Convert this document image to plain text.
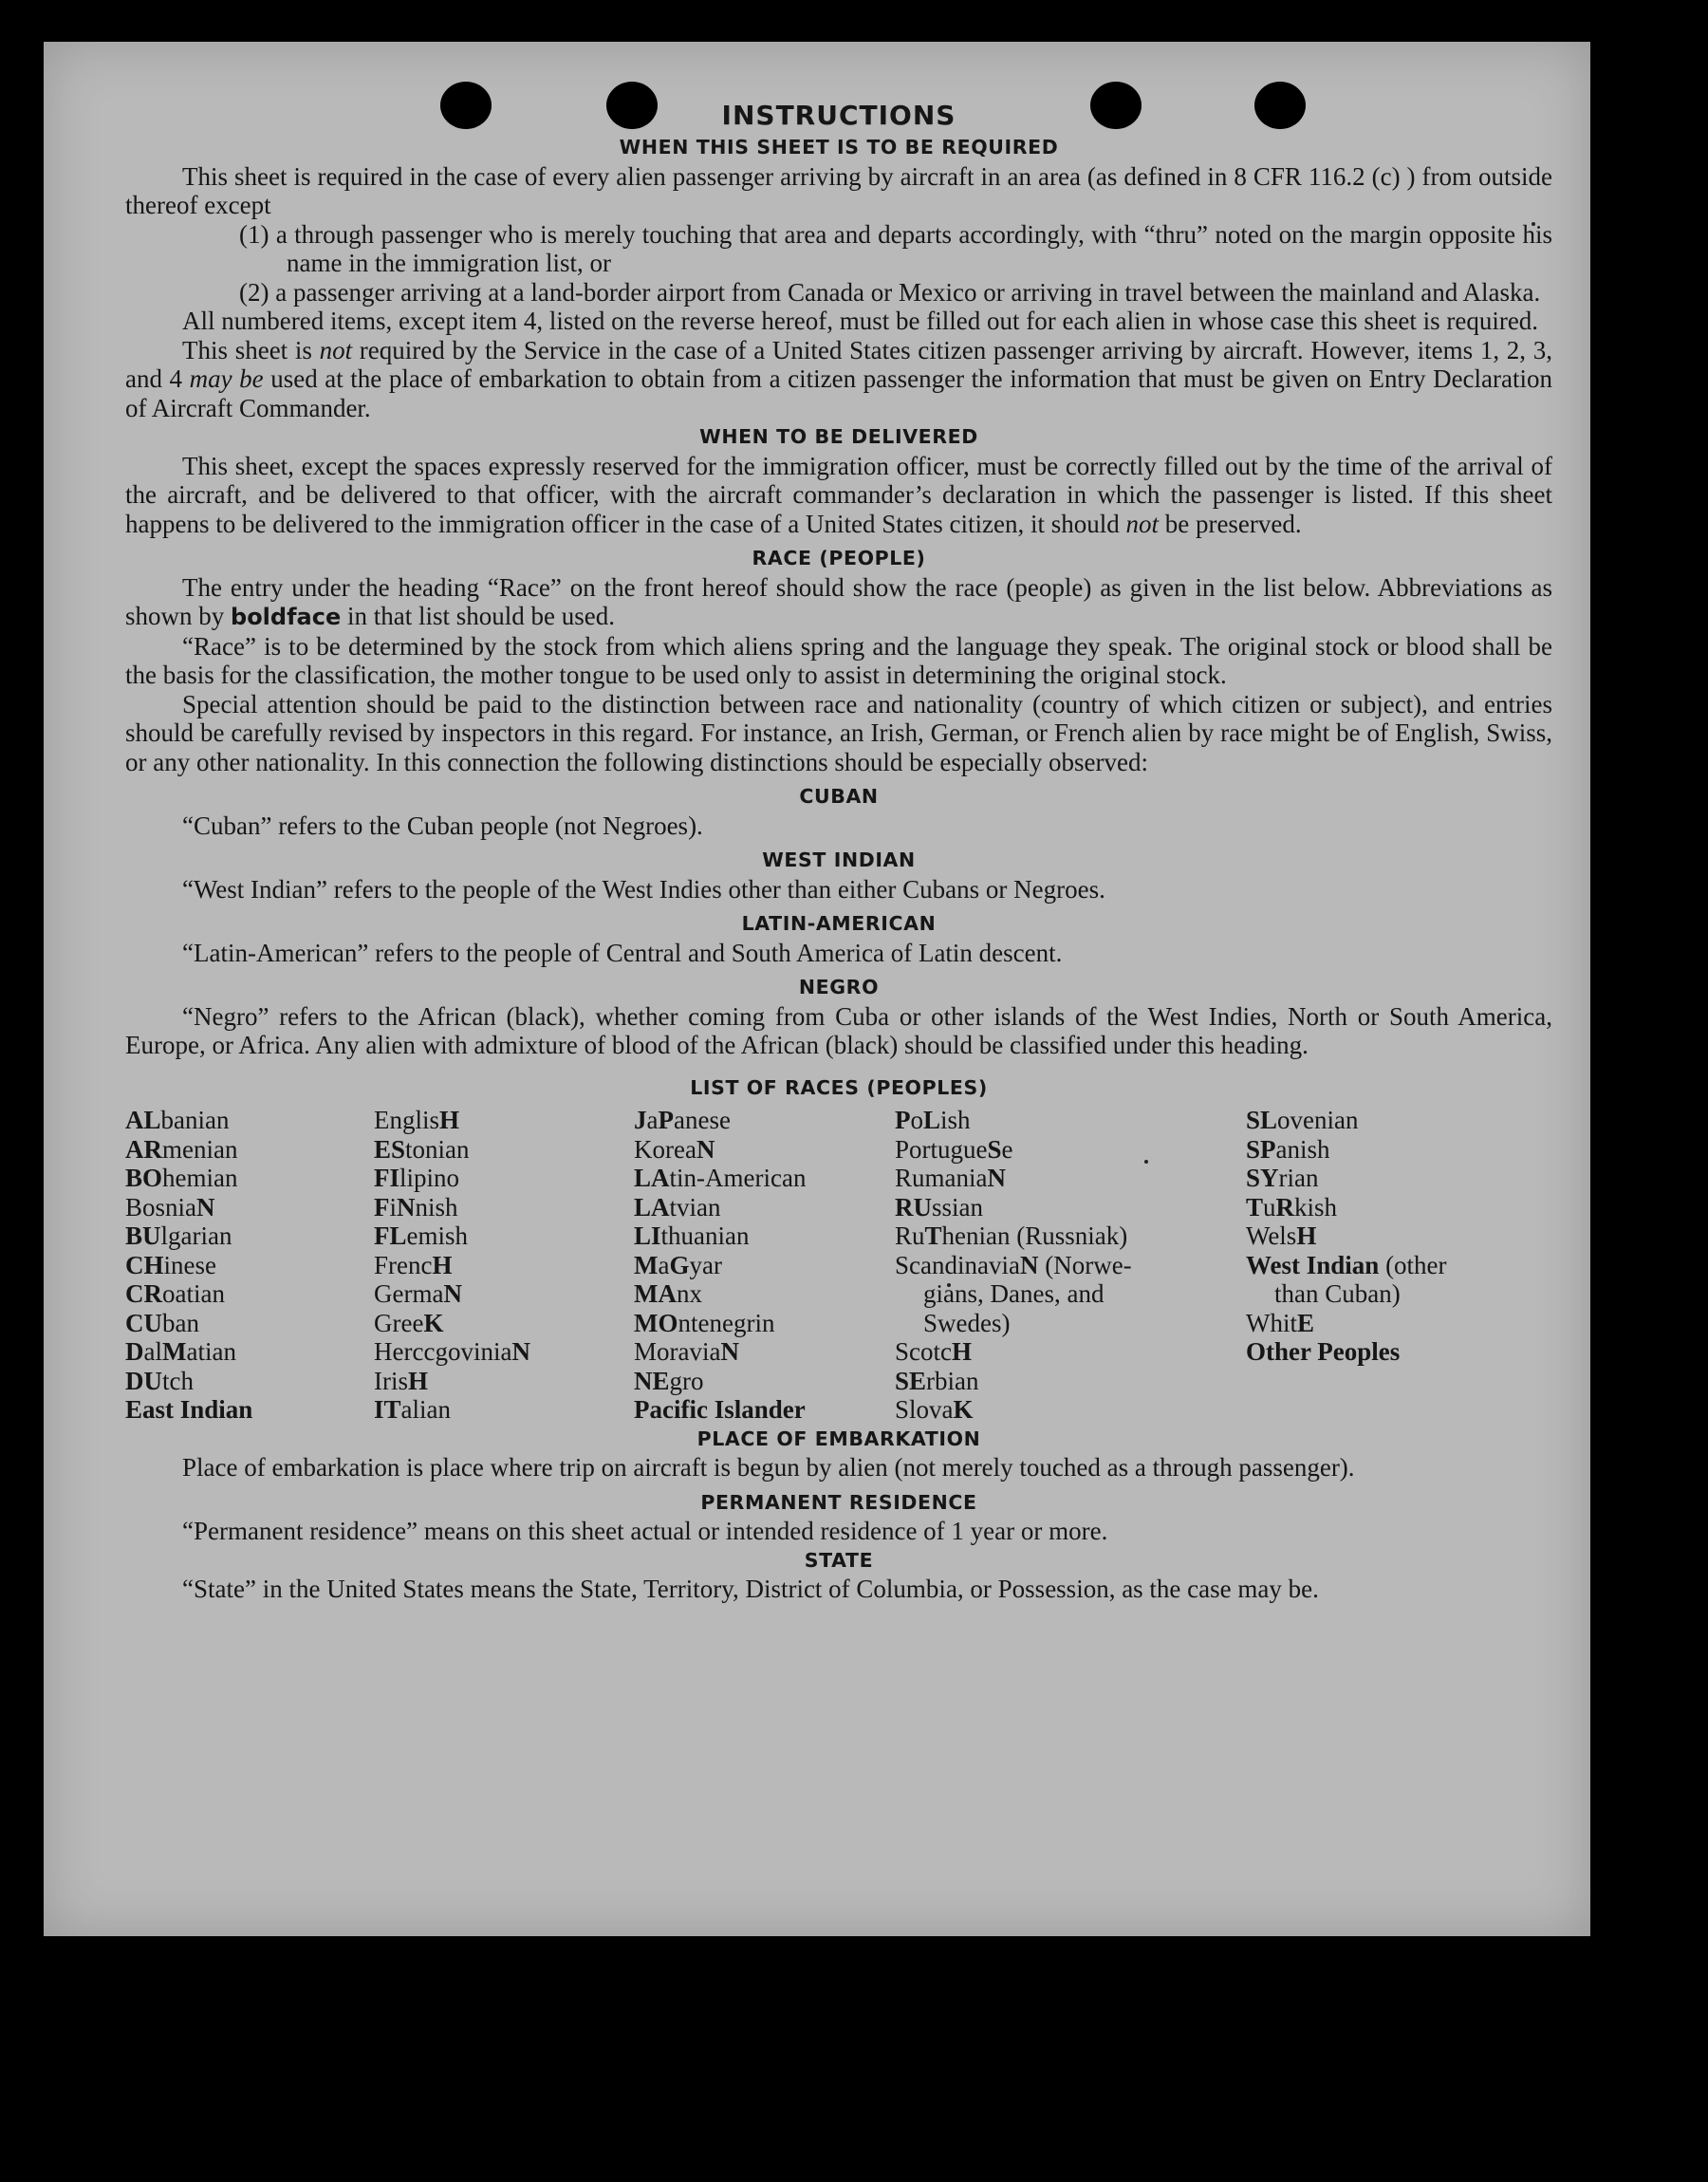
INSTRUCTIONS
WHEN THIS SHEET IS TO BE REQUIRED

This sheet is required in the case of every alien passenger arriving by aircraft in an area (as defined in 8 CFR 116.2 (c) ) from outside thereof except

(1) a through passenger who is merely touching that area and departs accordingly, with “thru” noted on the margin opposite his name in the immigration list, or

(2) a passenger arriving at a land-border airport from Canada or Mexico or arriving in travel between the mainland and Alaska.

All numbered items, except item 4, listed on the reverse hereof, must be filled out for each alien in whose case this sheet is required.

This sheet is not required by the Service in the case of a United States citizen passenger arriving by aircraft. However, items 1, 2, 3, and 4 may be used at the place of embarkation to obtain from a citizen passenger the information that must be given on Entry Declaration of Aircraft Commander.

WHEN TO BE DELIVERED

This sheet, except the spaces expressly reserved for the immigration officer, must be correctly filled out by the time of the arrival of the aircraft, and be delivered to that officer, with the aircraft commander’s declaration in which the passenger is listed. If this sheet happens to be delivered to the immigration officer in the case of a United States citizen, it should not be preserved.

RACE (PEOPLE)

The entry under the heading “Race” on the front hereof should show the race (people) as given in the list below. Abbreviations as shown by boldface in that list should be used.

“Race” is to be determined by the stock from which aliens spring and the language they speak. The original stock or blood shall be the basis for the classification, the mother tongue to be used only to assist in determining the original stock.

Special attention should be paid to the distinction between race and nationality (country of which citizen or subject), and entries should be carefully revised by inspectors in this regard. For instance, an Irish, German, or French alien by race might be of English, Swiss, or any other nationality. In this connection the following distinctions should be especially observed:

CUBAN

“Cuban” refers to the Cuban people (not Negroes).

WEST INDIAN

“West Indian” refers to the people of the West Indies other than either Cubans or Negroes.

LATIN-AMERICAN

“Latin-American” refers to the people of Central and South America of Latin descent.

NEGRO

“Negro” refers to the African (black), whether coming from Cuba or other islands of the West Indies, North or South America, Europe, or Africa. Any alien with admixture of blood of the African (black) should be classified under this heading.

LIST OF RACES (PEOPLES)
ALbanian
ARmenian
BOhemian
BosniaN
BUlgarian
CHinese
CRoatian
CUban
DalMatian
DUtch
East Indian
EnglisH
EStonian
FIlipino
FiNnish
FLemish
FrencH
GermaN
GreeK
HerccgoviniaN
IrisH
ITalian
JaPanese
KoreaN
LAtin-American
LAtvian
LIthuanian
MaGyar
MAnx
MOntenegrin
MoraviaN
NEgro
Pacific Islander
PoLish
PortugueSe
RumaniaN
RUssian
RuThenian (Russniak)
ScandinaviaN (Norwe-
gians, Danes, and
Swedes)
ScotcH
SErbian
SlovaK
SLovenian
SPanish
SYrian
TuRkish
WelsH
West Indian (other
than Cuban)
WhitE
Other Peoples
PLACE OF EMBARKATION

Place of embarkation is place where trip on aircraft is begun by alien (not merely touched as a through passenger).

PERMANENT RESIDENCE

“Permanent residence” means on this sheet actual or intended residence of 1 year or more.

STATE

“State” in the United States means the State, Territory, District of Columbia, or Possession, as the case may be.
